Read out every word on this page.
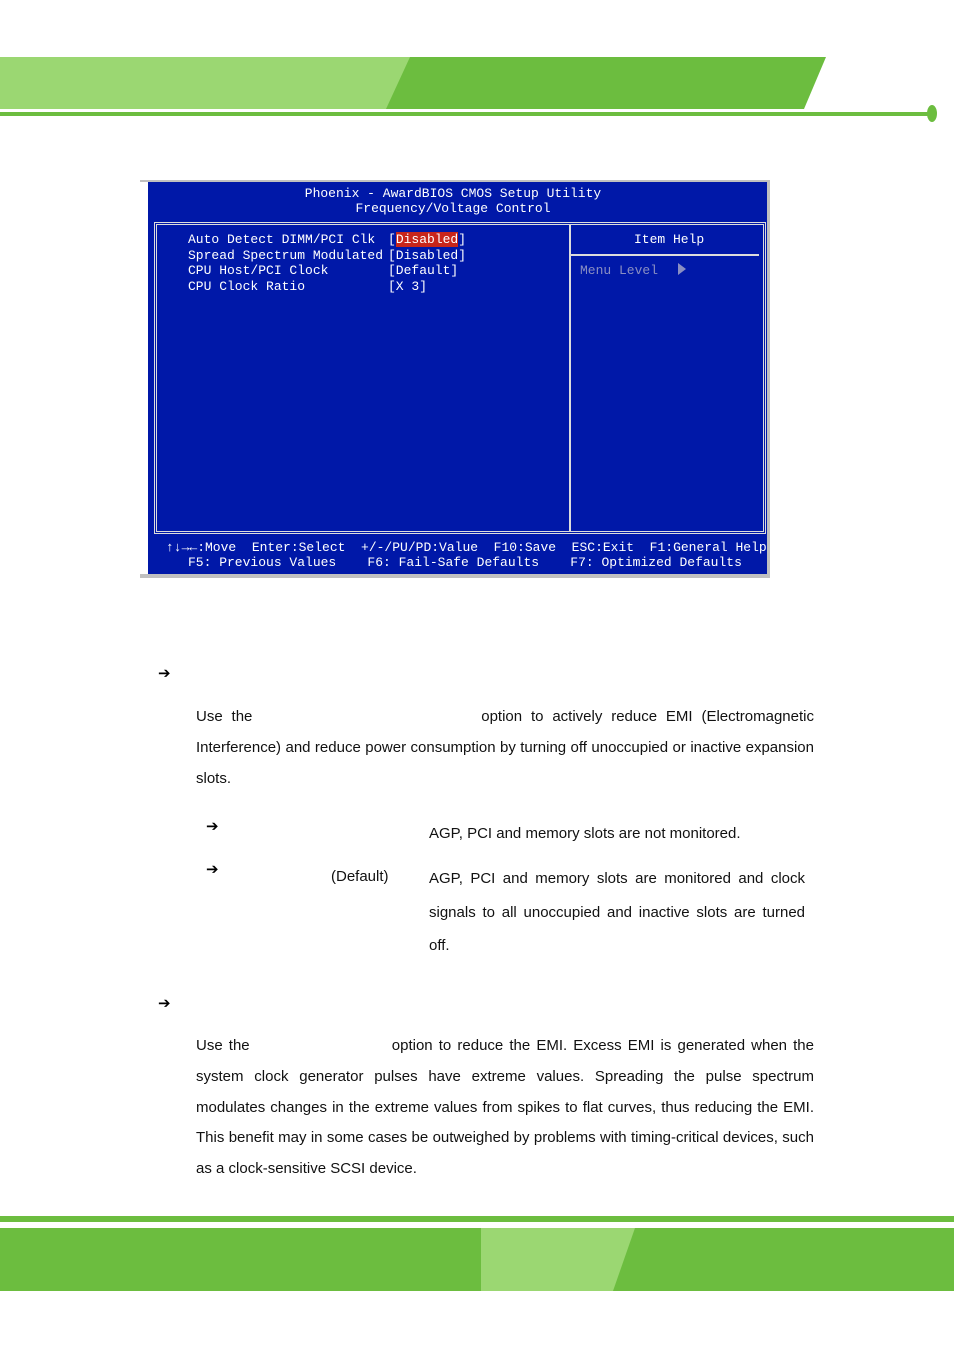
Phoenix - AwardBIOS CMOS Setup Utility
Frequency/Voltage Control
Auto Detect DIMM/PCI Clk [Disabled]
Spread Spectrum Modulated [Disabled]
CPU Host/PCI Clock	[Default]
CPU Clock Ratio	[X 3]
Item Help
Menu Level
↑↓→←:Move  Enter:Select  +/-/PU/PD:Value  F10:Save  ESC:Exit  F1:General Help
F5: Previous Values    F6: Fail-Safe Defaults    F7: Optimized Defaults
➔
Use the	option to actively reduce EMI (Electromagnetic Interference) and reduce power consumption by turning off unoccupied or inactive expansion slots.
➔	AGP, PCI and memory slots are not monitored.
➔	(Default)	AGP, PCI and memory slots are monitored and clock signals to all unoccupied and inactive slots are turned off.
➔
Use the	option to reduce the EMI. Excess EMI is generated when the system clock generator pulses have extreme values. Spreading the pulse spectrum modulates changes in the extreme values from spikes to flat curves, thus reducing the EMI. This benefit may in some cases be outweighed by problems with timing-critical devices, such as a clock-sensitive SCSI device.
